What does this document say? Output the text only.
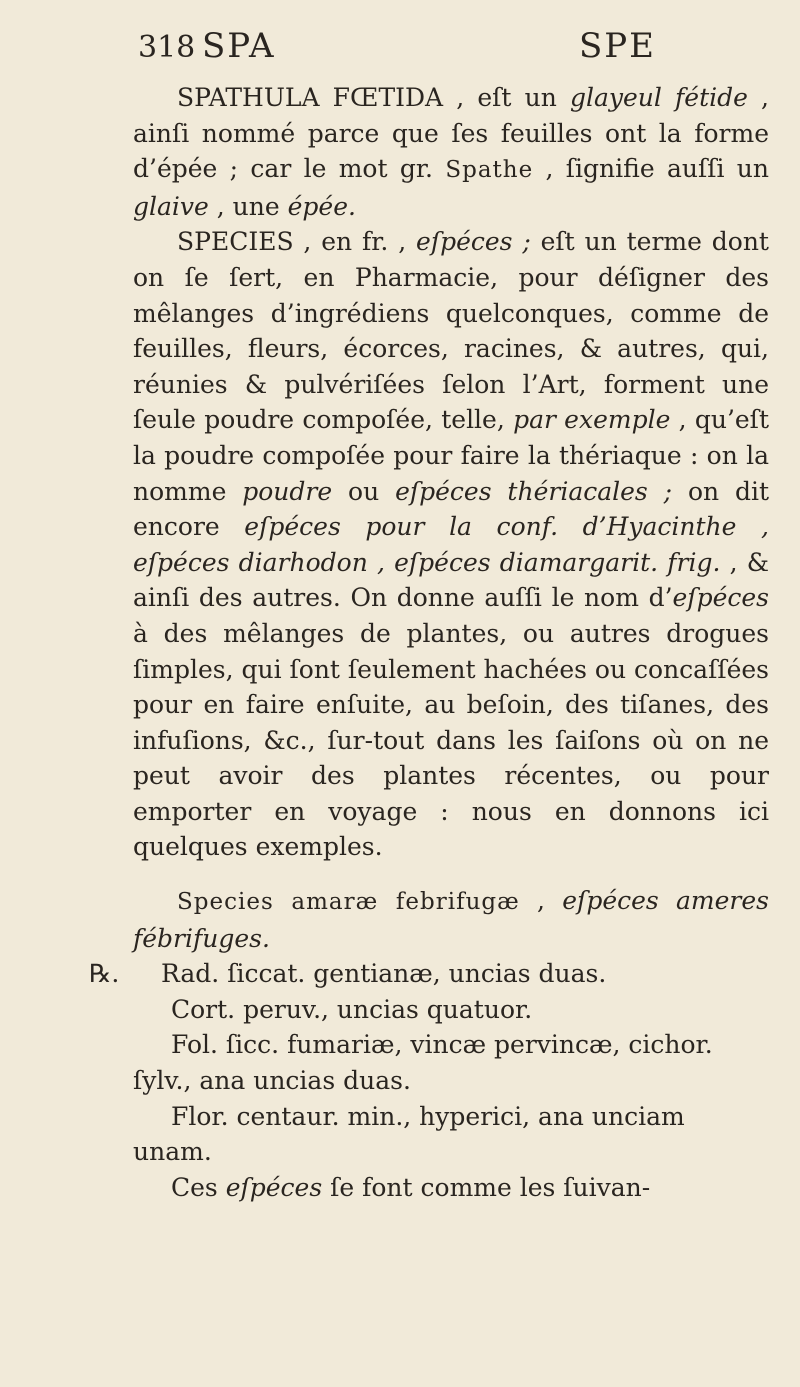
318 SPA	SPE

SPATHULA FŒTIDA , eſt un glayeul fétide , ainſi nommé parce que ſes feuilles ont la forme d’épée ; car le mot gr. Spathe , ſignifie auſſi un glaive , une épée.

SPECIES , en fr. , eſpéces ; eſt un terme dont on ſe ſert, en Pharmacie, pour déſigner des mêlanges d’ingrédiens quelconques, comme de feuilles, fleurs, écorces, racines, & autres, qui, réunies & pulvériſées ſelon l’Art, forment une ſeule poudre compoſée, telle, par exemple , qu’eſt la poudre compoſée pour faire la thériaque : on la nomme poudre ou eſpéces thériacales ; on dit encore eſpéces pour la conf. d’Hyacinthe , eſpéces diarhodon , eſpéces diamargarit. frig. , & ainſi des autres. On donne auſſi le nom d’eſpéces à des mêlanges de plantes, ou autres drogues ſimples, qui ſont ſeulement hachées ou concaſſées pour en faire enſuite, au beſoin, des tiſanes, des infuſions, &c., ſur-tout dans les ſaiſons où on ne peut avoir des plantes récentes, ou pour emporter en voyage : nous en donnons ici quelques exemples.

Species amaræ febrifugæ , eſpéces ameres fébrifuges.

℞. Rad. ſiccat. gentianæ, uncias duas.

Cort. peruv., uncias quatuor.

Fol. ſicc. fumariæ, vincæ pervincæ, cichor. ſylv., ana uncias duas.

Flor. centaur. min., hyperici, ana unciam unam.

Ces eſpéces ſe font comme les ſuivan-
